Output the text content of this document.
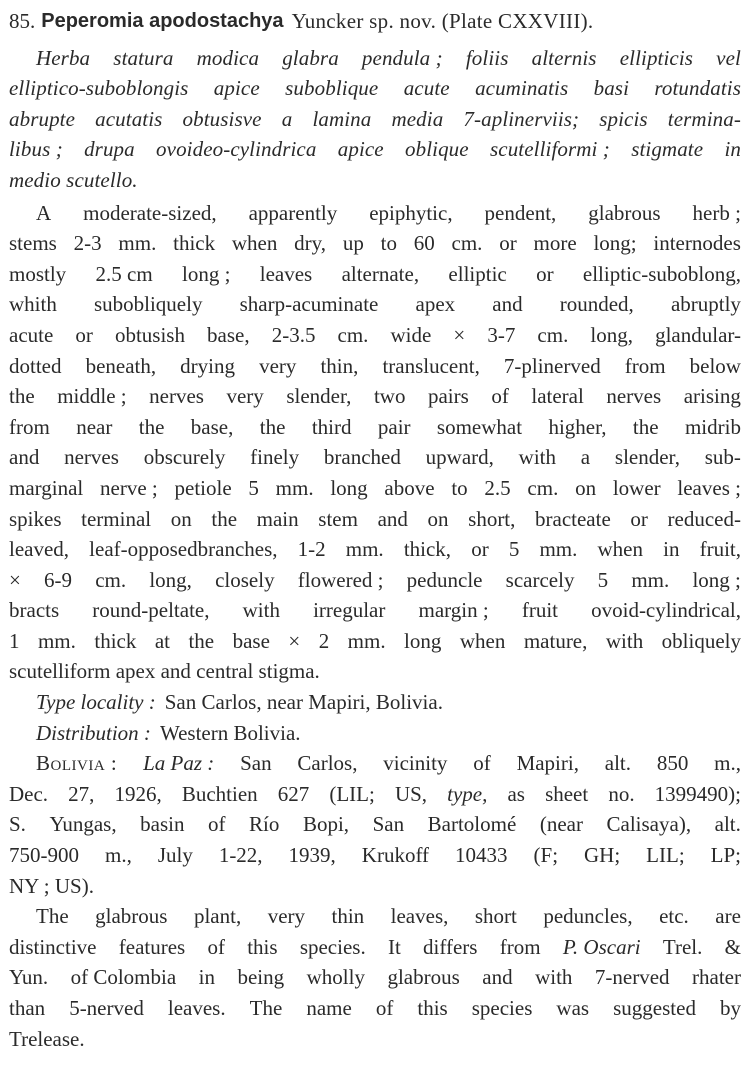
85. Peperomia apodostachya Yuncker sp. nov. (Plate CXXVIII).
Herba statura modica glabra pendula ; foliis alternis ellipticis vel
elliptico-suboblongis apice suboblique acute acuminatis basi rotundatis
abrupte acutatis obtusisve a lamina media 7-aplinerviis; spicis termina-
libus ; drupa ovoideo-cylindrica apice oblique scutelliformi ; stigmate in
medio scutello.
A moderate-sized, apparently epiphytic, pendent, glabrous herb ;
stems 2-3 mm. thick when dry, up to 60 cm. or more long; internodes
mostly 2.5 cm long ; leaves alternate, elliptic or elliptic-suboblong,
whith subobliquely sharp-acuminate apex and rounded, abruptly
acute or obtusish base, 2-3.5 cm. wide × 3-7 cm. long, glandular-
dotted beneath, drying very thin, translucent, 7-plinerved from below
the middle ; nerves very slender, two pairs of lateral nerves arising
from near the base, the third pair somewhat higher, the midrib
and nerves obscurely finely branched upward, with a slender, sub-
marginal nerve ; petiole 5 mm. long above to 2.5 cm. on lower leaves ;
spikes terminal on the main stem and on short, bracteate or reduced-
leaved, leaf-opposedbranches, 1-2 mm. thick, or 5 mm. when in fruit,
× 6-9 cm. long, closely flowered ; peduncle scarcely 5 mm. long ;
bracts round-peltate, with irregular margin ; fruit ovoid-cylindrical,
1 mm. thick at the base × 2 mm. long when mature, with obliquely
scutelliform apex and central stigma.
Type locality : San Carlos, near Mapiri, Bolivia.
Distribution : Western Bolivia.
Bolivia : La Paz : San Carlos, vicinity of Mapiri, alt. 850 m.,
Dec. 27, 1926, Buchtien 627 (LIL; US, type, as sheet no. 1399490);
S. Yungas, basin of Río Bopi, San Bartolomé (near Calisaya), alt.
750-900 m., July 1-22, 1939, Krukoff 10433 (F; GH; LIL; LP;
NY ; US).
The glabrous plant, very thin leaves, short peduncles, etc. are
distinctive features of this species. It differs from P. Oscari Trel. &
Yun. of Colombia in being wholly glabrous and with 7-nerved rhater
than 5-nerved leaves. The name of this species was suggested by
Trelease.
